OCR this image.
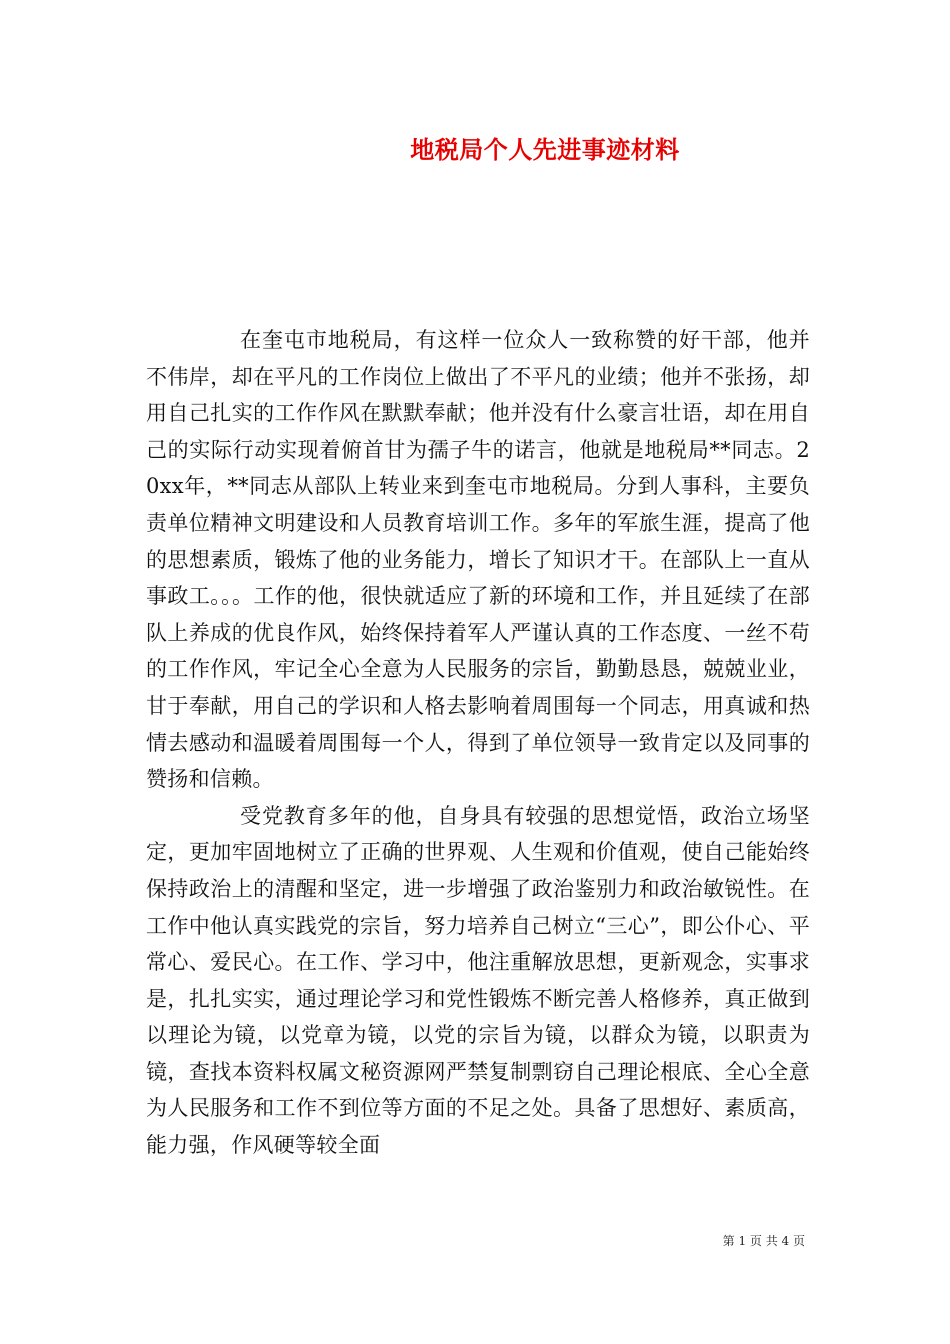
地税局个人先进事迹材料

在奎屯市地税局，有这样一位众人一致称赞的好干部，他并不伟岸，却在平凡的工作岗位上做出了不平凡的业绩；他并不张扬，却用自己扎实的工作作风在默默奉献；他并没有什么豪言壮语，却在用自己的实际行动实现着俯首甘为孺子牛的诺言，他就是地税局**同志。20xx年，**同志从部队上转业来到奎屯市地税局。分到人事科，主要负责单位精神文明建设和人员教育培训工作。多年的军旅生涯，提高了他的思想素质，锻炼了他的业务能力，增长了知识才干。在部队上一直从事政工。。。工作的他，很快就适应了新的环境和工作，并且延续了在部队上养成的优良作风，始终保持着军人严谨认真的工作态度、一丝不苟的工作作风，牢记全心全意为人民服务的宗旨，勤勤恳恳，兢兢业业，甘于奉献，用自己的学识和人格去影响着周围每一个同志，用真诚和热情去感动和温暖着周围每一个人，得到了单位领导一致肯定以及同事的赞扬和信赖。

受党教育多年的他，自身具有较强的思想觉悟，政治立场坚定，更加牢固地树立了正确的世界观、人生观和价值观，使自己能始终保持政治上的清醒和坚定，进一步增强了政治鉴别力和政治敏锐性。在工作中他认真实践党的宗旨，努力培养自己树立“三心”，即公仆心、平常心、爱民心。在工作、学习中，他注重解放思想，更新观念，实事求是，扎扎实实，通过理论学习和党性锻炼不断完善人格修养，真正做到以理论为镜，以党章为镜，以党的宗旨为镜，以群众为镜，以职责为镜，查找本资料权属文秘资源网严禁复制剽窃自己理论根底、全心全意为人民服务和工作不到位等方面的不足之处。具备了思想好、素质高，能力强，作风硬等较全面

第 1 页 共 4 页
